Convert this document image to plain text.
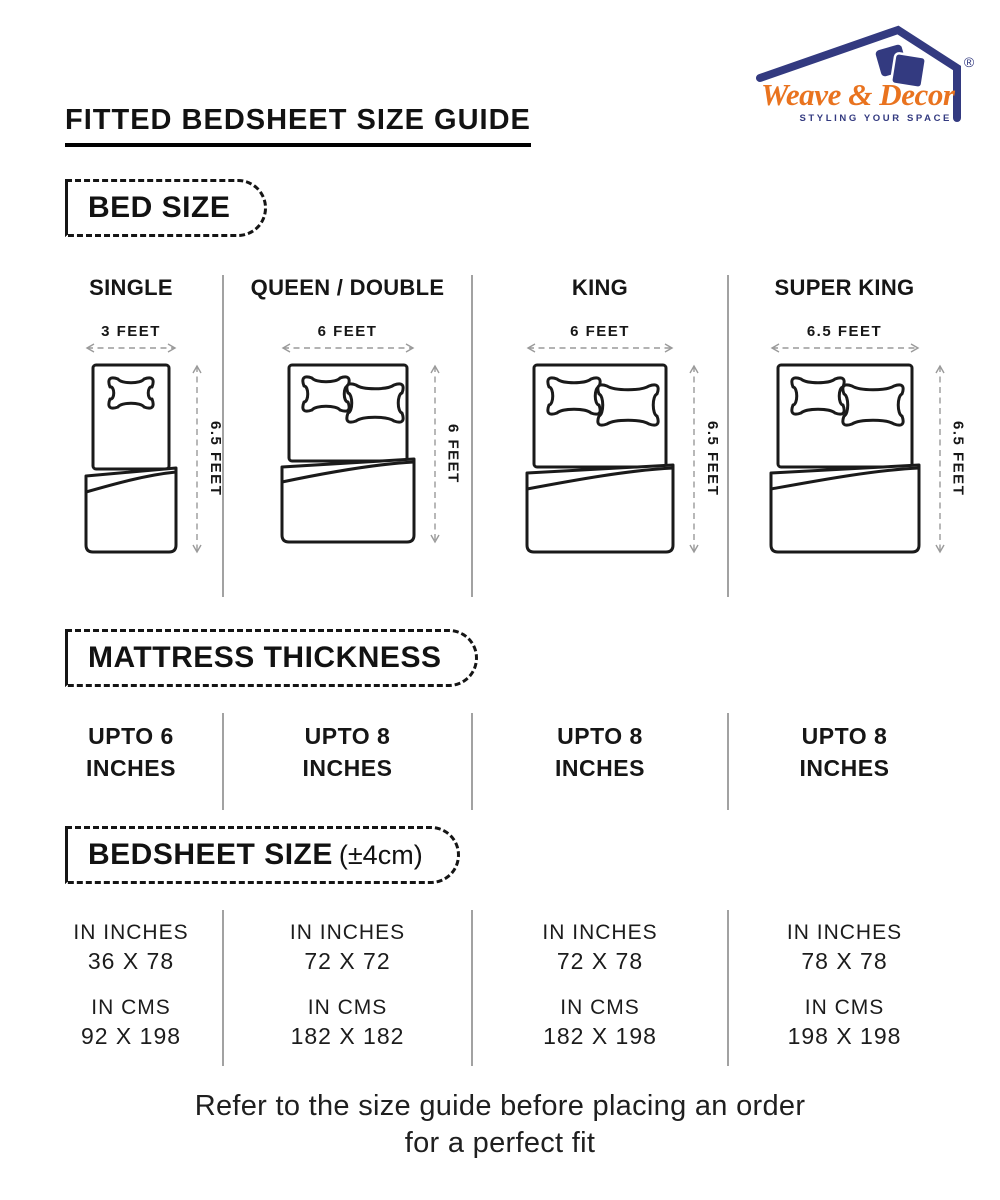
®
Weave & Decor
STYLING YOUR SPACE
FITTED BEDSHEET SIZE GUIDE
BED SIZE
SINGLE
3 FEET
6.5 FEET
QUEEN / DOUBLE
6 FEET
6 FEET
KING
6 FEET
6.5 FEET
SUPER KING
6.5 FEET
6.5 FEET
MATTRESS THICKNESS
UPTO 6
INCHES
UPTO 8
INCHES
UPTO 8
INCHES
UPTO 8
INCHES
BEDSHEET SIZE (±4cm)
IN INCHES
36 X 78
IN CMS
92 X 198
IN INCHES
72 X 72
IN CMS
182 X 182
IN INCHES
72 X 78
IN CMS
182 X 198
IN INCHES
78 X 78
IN CMS
198 X 198
Refer to the size guide before placing an order
for a perfect fit
